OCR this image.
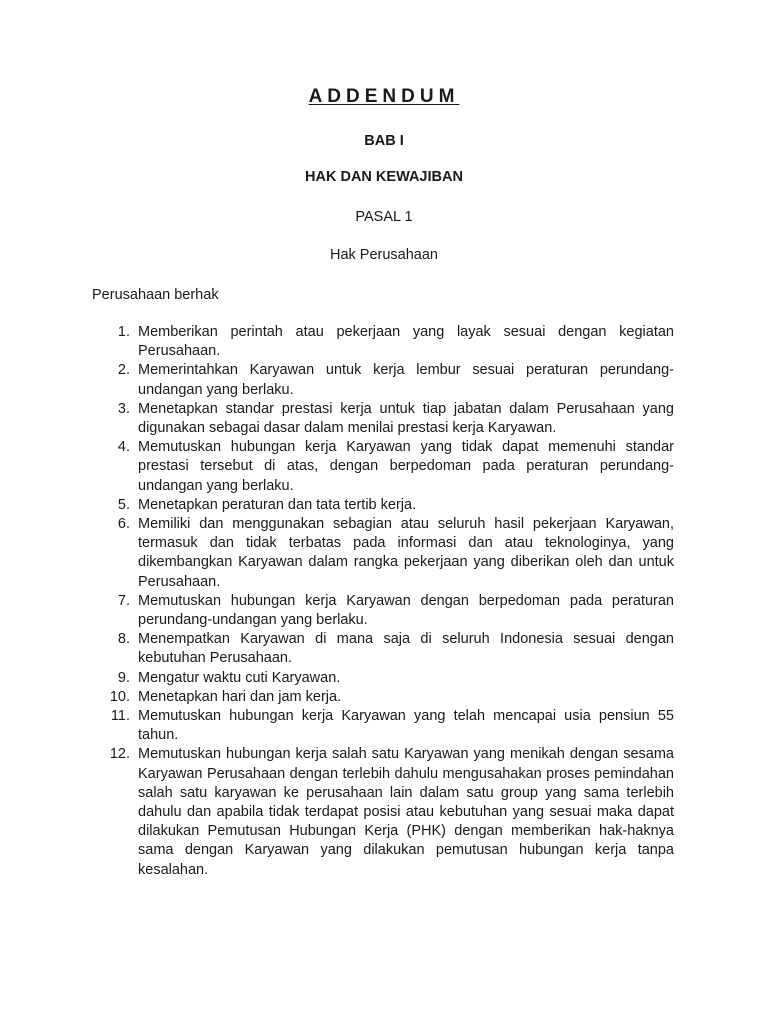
ADDENDUM
BAB I
HAK DAN KEWAJIBAN
PASAL 1
Hak Perusahaan
Perusahaan berhak
1. Memberikan perintah atau pekerjaan yang layak sesuai dengan kegiatan Perusahaan.
2. Memerintahkan Karyawan untuk kerja lembur sesuai peraturan perundang-undangan yang berlaku.
3. Menetapkan standar prestasi kerja untuk tiap jabatan dalam Perusahaan yang digunakan sebagai dasar dalam menilai prestasi kerja Karyawan.
4. Memutuskan hubungan kerja Karyawan yang tidak dapat memenuhi standar prestasi tersebut di atas, dengan berpedoman pada peraturan perundang-undangan yang berlaku.
5. Menetapkan peraturan dan tata tertib kerja.
6. Memiliki dan menggunakan sebagian atau seluruh hasil pekerjaan Karyawan, termasuk dan tidak terbatas pada informasi dan atau teknologinya, yang dikembangkan Karyawan dalam rangka pekerjaan yang diberikan oleh dan untuk Perusahaan.
7. Memutuskan hubungan kerja Karyawan dengan berpedoman pada peraturan perundang-undangan yang berlaku.
8. Menempatkan Karyawan di mana saja di seluruh Indonesia sesuai dengan kebutuhan Perusahaan.
9. Mengatur waktu cuti Karyawan.
10. Menetapkan hari dan jam kerja.
11. Memutuskan hubungan kerja Karyawan yang telah mencapai usia pensiun 55 tahun.
12. Memutuskan hubungan kerja salah satu Karyawan yang menikah dengan sesama Karyawan Perusahaan dengan terlebih dahulu mengusahakan proses pemindahan salah satu karyawan ke perusahaan lain dalam satu group yang sama terlebih dahulu dan apabila tidak terdapat posisi atau kebutuhan yang sesuai maka dapat dilakukan Pemutusan Hubungan Kerja (PHK) dengan memberikan hak-haknya sama dengan Karyawan yang dilakukan pemutusan hubungan kerja tanpa kesalahan.
